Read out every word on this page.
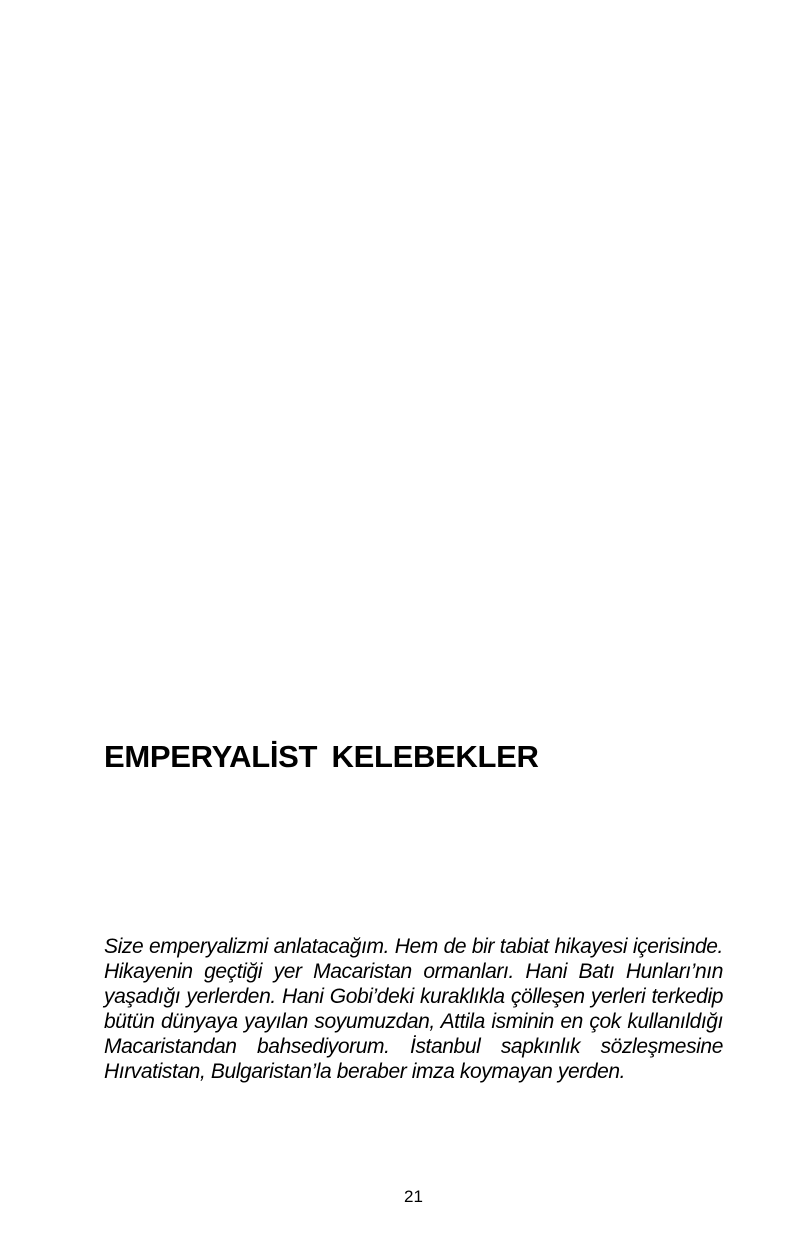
EMPERYALİST KELEBEKLER

Size emperyalizmi anlatacağım. Hem de bir tabiat hikayesi içerisinde. Hikayenin geçtiği yer Macaristan ormanları. Hani Batı Hunları’nın yaşadığı yerlerden. Hani Gobi’deki kuraklıkla çölleşen yerleri terkedip bütün dünyaya yayılan soyumuzdan, Attila isminin en çok kullanıldığı Macaristandan bahsediyorum. İstanbul sapkınlık sözleşmesine Hırvatistan, Bulgaristan’la beraber imza koymayan yerden.

21
